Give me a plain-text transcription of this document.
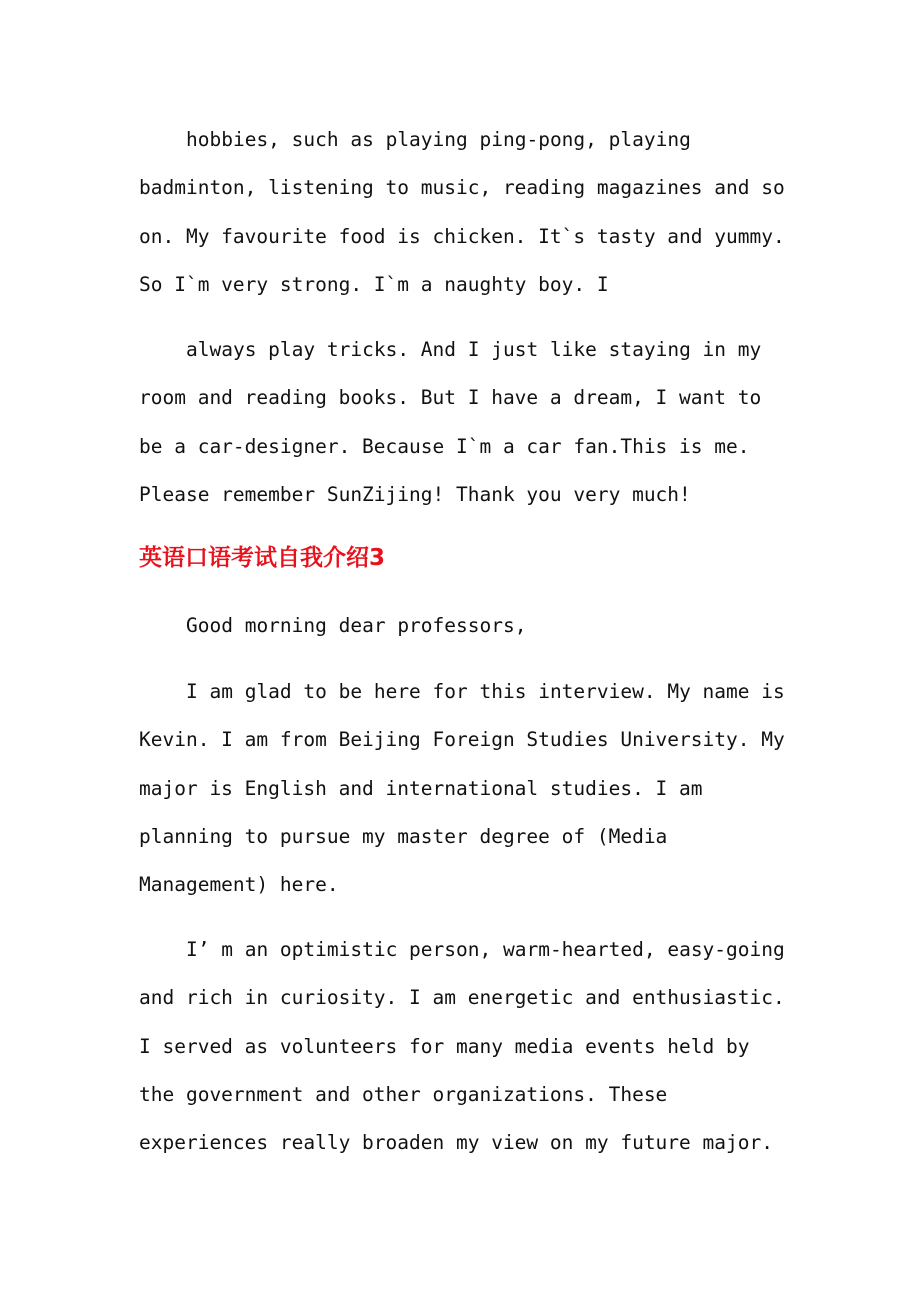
hobbies, such as playing ping-pong, playing
badminton, listening to music, reading magazines and so
on. My favourite food is chicken. It`s tasty and yummy.
So I`m very strong. I`m a naughty boy. I

always play tricks. And I just like staying in my
room and reading books. But I have a dream, I want to
be a car-designer. Because I`m a car fan.This is me.
Please remember SunZijing! Thank you very much!

英语口语考试自我介绍3

Good morning dear professors,

I am glad to be here for this interview. My name is
Kevin. I am from Beijing Foreign Studies University. My
major is English and international studies. I am
planning to pursue my master degree of (Media
Management) here.

I’ m an optimistic person, warm-hearted, easy-going
and rich in curiosity. I am energetic and enthusiastic.
I served as volunteers for many media events held by
the government and other organizations. These
experiences really broaden my view on my future major.
